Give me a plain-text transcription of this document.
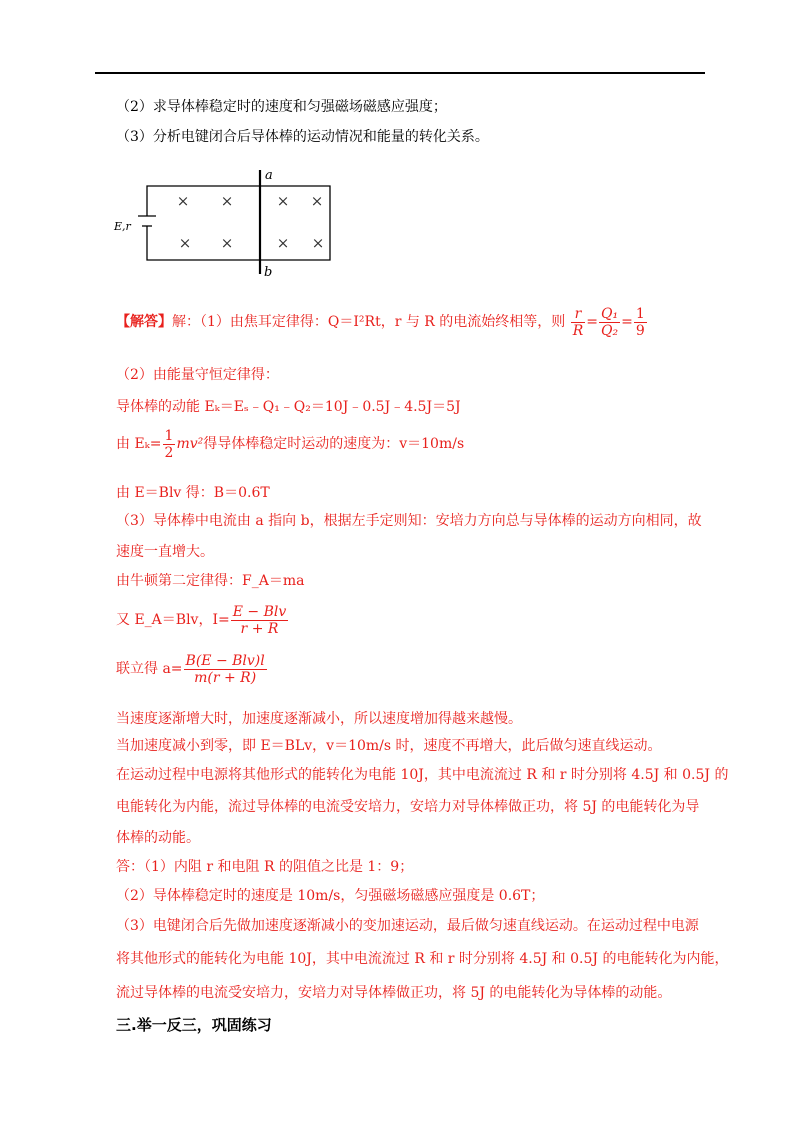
（2）求导体棒稳定时的速度和匀强磁场磁感应强度；
（3）分析电键闭合后导体棒的运动情况和能量的转化关系。
a
b
E,r
× ×	× ×
× ×	× ×
【解答】解：（1）由焦耳定律得：Q＝I²Rt，r 与 R 的电流始终相等，则 $\frac{r}{R} = \frac{\text{Q₁}}{\text{Q₂}} = \frac{1}{9}$
（2）由能量守恒定律得：
导体棒的动能 Eₖ＝Eₛ﹣Q₁﹣Q₂＝10J﹣0.5J﹣4.5J＝5J
由 $E_k= \frac{1}{2} mv^2$得导体棒稳定时运动的速度为：v＝10m/s
由 E＝Blv 得：B＝0.6T
（3）导体棒中电流由 a 指向 b，根据左手定则知：安培力方向总与导体棒的运动方向相同，故
速度一直增大。
由牛顿第二定律得：F_A＝ma
又 E_A＝Blv，$I= \frac{\text{E − Blv}}{r + R}$
联立得 $a= \frac{\text{B(E − Blv)l}}{m(r + R)}$
当速度逐渐增大时，加速度逐渐减小，所以速度增加得越来越慢。
当加速度减小到零，即 E＝BLv，v＝10m/s 时，速度不再增大，此后做匀速直线运动。
在运动过程中电源将其他形式的能转化为电能 10J，其中电流流过 R 和 r 时分别将 4.5J 和 0.5J 的
电能转化为内能，流过导体棒的电流受安培力，安培力对导体棒做正功，将 5J 的电能转化为导
体棒的动能。
答：（1）内阻 r 和电阻 R 的阻值之比是 1：9；
（2）导体棒稳定时的速度是 10m/s，匀强磁场磁感应强度是 0.6T；
（3）电键闭合后先做加速度逐渐减小的变加速运动，最后做匀速直线运动。在运动过程中电源
将其他形式的能转化为电能 10J，其中电流流过 R 和 r 时分别将 4.5J 和 0.5J 的电能转化为内能，
流过导体棒的电流受安培力，安培力对导体棒做正功，将 5J 的电能转化为导体棒的动能。
三.举一反三，巩固练习
